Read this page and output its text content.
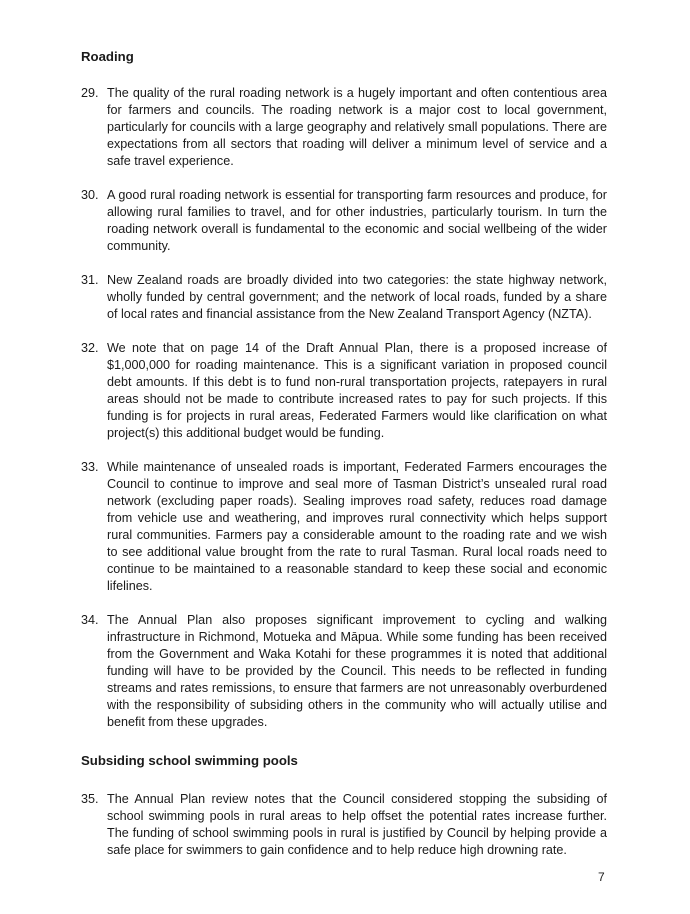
Roading
29. The quality of the rural roading network is a hugely important and often contentious area for farmers and councils. The roading network is a major cost to local government, particularly for councils with a large geography and relatively small populations. There are expectations from all sectors that roading will deliver a minimum level of service and a safe travel experience.
30. A good rural roading network is essential for transporting farm resources and produce, for allowing rural families to travel, and for other industries, particularly tourism. In turn the roading network overall is fundamental to the economic and social wellbeing of the wider community.
31. New Zealand roads are broadly divided into two categories: the state highway network, wholly funded by central government; and the network of local roads, funded by a share of local rates and financial assistance from the New Zealand Transport Agency (NZTA).
32. We note that on page 14 of the Draft Annual Plan, there is a proposed increase of $1,000,000 for roading maintenance. This is a significant variation in proposed council debt amounts. If this debt is to fund non-rural transportation projects, ratepayers in rural areas should not be made to contribute increased rates to pay for such projects. If this funding is for projects in rural areas, Federated Farmers would like clarification on what project(s) this additional budget would be funding.
33. While maintenance of unsealed roads is important, Federated Farmers encourages the Council to continue to improve and seal more of Tasman District’s unsealed rural road network (excluding paper roads). Sealing improves road safety, reduces road damage from vehicle use and weathering, and improves rural connectivity which helps support rural communities. Farmers pay a considerable amount to the roading rate and we wish to see additional value brought from the rate to rural Tasman. Rural local roads need to continue to be maintained to a reasonable standard to keep these social and economic lifelines.
34. The Annual Plan also proposes significant improvement to cycling and walking infrastructure in Richmond, Motueka and Māpua. While some funding has been received from the Government and Waka Kotahi for these programmes it is noted that additional funding will have to be provided by the Council. This needs to be reflected in funding streams and rates remissions, to ensure that farmers are not unreasonably overburdened with the responsibility of subsiding others in the community who will actually utilise and benefit from these upgrades.
Subsiding school swimming pools
35. The Annual Plan review notes that the Council considered stopping the subsiding of school swimming pools in rural areas to help offset the potential rates increase further. The funding of school swimming pools in rural is justified by Council by helping provide a safe place for swimmers to gain confidence and to help reduce high drowning rate.
7
